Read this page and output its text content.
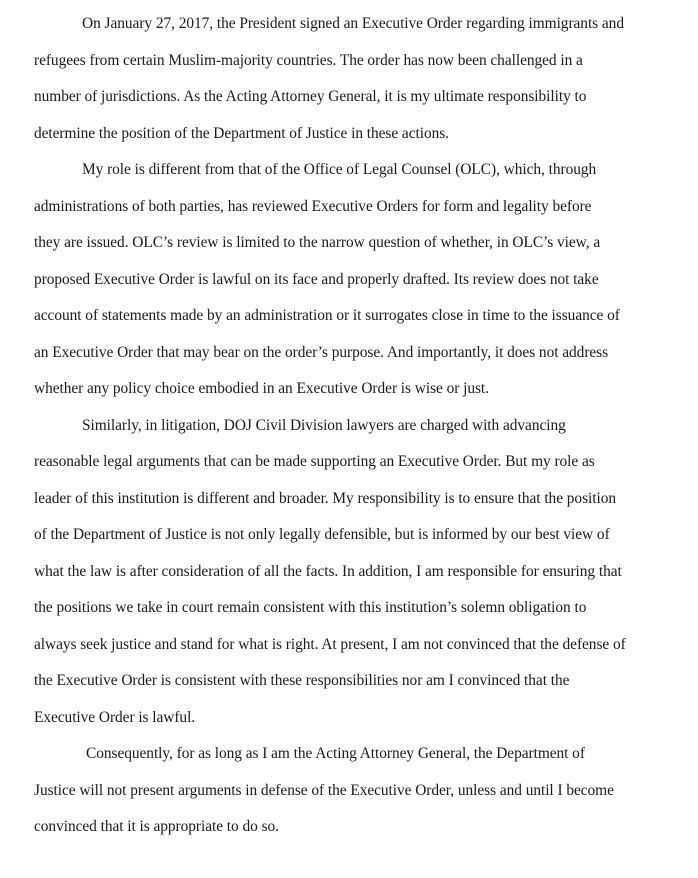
On January 27, 2017, the President signed an Executive Order regarding immigrants and
refugees from certain Muslim-majority countries. The order has now been challenged in a
number of jurisdictions. As the Acting Attorney General, it is my ultimate responsibility to
determine the position of the Department of Justice in these actions.
My role is different from that of the Office of Legal Counsel (OLC), which, through
administrations of both parties, has reviewed Executive Orders for form and legality before
they are issued. OLC’s review is limited to the narrow question of whether, in OLC’s view, a
proposed Executive Order is lawful on its face and properly drafted. Its review does not take
account of statements made by an administration or it surrogates close in time to the issuance of
an Executive Order that may bear on the order’s purpose. And importantly, it does not address
whether any policy choice embodied in an Executive Order is wise or just.
Similarly, in litigation, DOJ Civil Division lawyers are charged with advancing
reasonable legal arguments that can be made supporting an Executive Order. But my role as
leader of this institution is different and broader. My responsibility is to ensure that the position
of the Department of Justice is not only legally defensible, but is informed by our best view of
what the law is after consideration of all the facts. In addition, I am responsible for ensuring that
the positions we take in court remain consistent with this institution’s solemn obligation to
always seek justice and stand for what is right. At present, I am not convinced that the defense of
the Executive Order is consistent with these responsibilities nor am I convinced that the
Executive Order is lawful.
Consequently, for as long as I am the Acting Attorney General, the Department of
Justice will not present arguments in defense of the Executive Order, unless and until I become
convinced that it is appropriate to do so.
